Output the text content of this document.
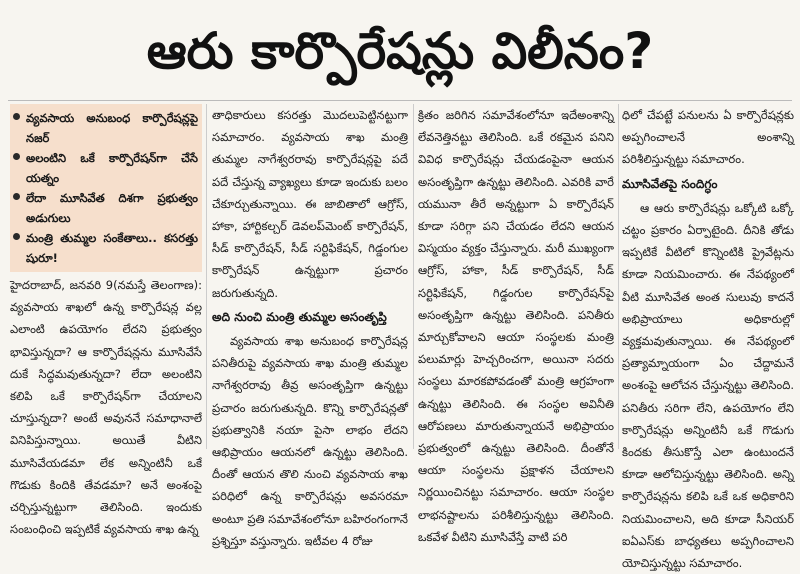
ఆరు కార్పొరేషన్లు విలీనం?
వ్యవసాయ అనుబంధ కార్పొరేషన్లపై నజర్
అలంటిని ఒకే కార్పొరేషన్‌గా చేసే యత్నం
లేదా మూసివేత దిశగా ప్రభుత్వం అడుగులు
మంత్రి తుమ్మల సంకేతాలు.. కసరత్తు షురూ!

హైదరాబాద్, జనవరి 9(నమస్తే తెలంగాణ): వ్యవసాయ శాఖలో ఉన్న కార్పొరేషన్ల వల్ల ఎలాంటి ఉపయోగం లేదని ప్రభుత్వం భావిస్తున్నదా? ఆ కార్పొరేషన్లను మూసివేసే దుకే సిద్ధమవుతున్నదా? లేదా అలంటిని కలిపి ఒకే కార్పొరేషన్‌గా చేయాలని చూస్తున్నదా? అంటే అవుననే సమాధానాలే వినిపిస్తున్నాయి. అయితే వీటిని మూసివేయడమా లేక అన్నింటినీ ఒకే గొడుకు కిందికి తేవడమా? అనే అంశంపై చర్చిస్తున్నట్టుగా తెలిసింది. ఇందుకు సంబంధించి ఇప్పటికే వ్యవసాయ శాఖ ఉన్న

తాధికారులు కసరత్తు మొదలుపెట్టినట్టుగా సమాచారం. వ్యవసాయ శాఖ మంత్రి తుమ్మల నాగేశ్వరరావు కార్పొరేషన్లపై పదే పదే చేస్తున్న వ్యాఖ్యలు కూడా ఇందుకు బలం చేకూర్చుతున్నాయి. ఈ జాబితాలో ఆగ్రోస్, హాకా, హార్టికల్చర్ డెవలప్‌మెంట్ కార్పొరేషన్, సీడ్ కార్పొరేషన్, సీడ్ సర్టిఫికేషన్, గిడ్డంగుల కార్పొరేషన్ ఉన్నట్టుగా ప్రచారం జరుగుతున్నది.

అది నుంచి మంత్రి తుమ్మల అసంతృప్తి

వ్యవసాయ శాఖ అనుబంధ కార్పొరేషన్ల పనితీరుపై వ్యవసాయ శాఖ మంత్రి తుమ్మల నాగేశ్వరరావు తీవ్ర అసంతృప్తిగా ఉన్నట్టు ప్రచారం జరుగుతున్నది. కొన్ని కార్పొరేషన్లతో ప్రభుత్వానికి నయా పైసా లాభం లేదని ఆభిప్రాయం ఆయనలో ఉన్నట్టు తెలిసింది. దీంతో ఆయన తొలి నుంచి వ్యవసాయ శాఖ పరిధిలో ఉన్న కార్పొరేషన్లు అవసరమా అంటూ ప్రతి సమావేశంలోనూ బహిరంగంగానే ప్రశ్నిస్తూ వస్తున్నారు. ఇటీవల 4 రోజు

క్రితం జరిగిన సమావేశంలోనూ ఇదేఅంశాన్ని లేవనెత్తినట్టు తెలిసింది. ఒకే రకమైన పనిని వివిధ కార్పొరేషన్లు చేయడంపైనా ఆయన అసంతృప్తిగా ఉన్నట్టు తెలిసింది. ఎవరికి వారే యమునా తీరే అన్నట్టుగా ఏ కార్పొరేషన్ కూడా సరిగ్గా పని చేయడం లేదని ఆయన విస్మయం వ్యక్తం చేస్తున్నారు. మరీ ముఖ్యంగా ఆగ్రోస్, హాకా, సీడ్ కార్పొరేషన్, సీడ్ సర్టిఫికేషన్, గిడ్డంగుల కార్పొరేషన్‌పై అసంతృప్తిగా ఉన్నట్టు తెలిసింది. పనితీరు మార్చుకోవాలని ఆయా సంస్థలకు మంత్రి పలుమార్లు హెచ్చరించగా, అయినా సదరు సంస్థలు మారకపోవడంతో మంత్రి ఆగ్రహంగా ఉన్నట్టు తెలిసింది. ఈ సంస్థల అవినీతి ఆరోపణలు మారుతున్నాయనే అభిప్రాయం ప్రభుత్వంలో ఉన్నట్టు తెలిసింది. దీంతోనే ఆయా సంస్థలను ప్రక్షాళన చేయాలని నిర్ణయించినట్టు సమాచారం. ఆయా సంస్థల లాభనష్టాలను పరిశీలిస్తున్నట్టు తెలిసింది. ఒకవేళ వీటిని మూసివేస్తే వాటి పరి

ధిలో చేపట్టే పనులను ఏ కార్పొరేషన్లకు అప్పగించాలనే అంశాన్ని పరిశీలిస్తున్నట్టు సమాచారం.

మూసివేతపై సందిగ్ధం

ఆ ఆరు కార్పొరేషన్లు ఒక్కోటి ఒక్కో చట్టం ప్రకారం ఏర్పాటైంది. దీనికి తోడు ఇప్పటికే వీటిలో కొన్నింటికి ప్రైవేట్లను కూడా నియమించారు. ఈ నేపథ్యంలో వీటి మూసివేత అంత సులువు కాదనే అభిప్రాయాలు అధికారుల్లో వ్యక్తమవుతున్నాయి. ఈ నేపథ్యంలో ప్రత్యామ్నాయంగా ఏం చేద్దామనే అంశంపై ఆలోచన చేస్తున్నట్టు తెలిసింది. పనితీరు సరిగా లేని, ఉపయోగం లేని కార్పొరేషన్లు అన్నింటినీ ఒకే గొడుగు కిందకు తీసుకొస్తే ఎలా ఉంటుందనే కూడా ఆలోచిస్తున్నట్టు తెలిసింది. అన్ని కార్పొరేషన్లను కలిపి ఒకే ఒక అధికారిని నియమించాలని, అది కూడా సీనియర్ ఐఏఎస్‌కు బాధ్యతలు అప్పగించాలని యోచిస్తున్నట్టు సమాచారం.
